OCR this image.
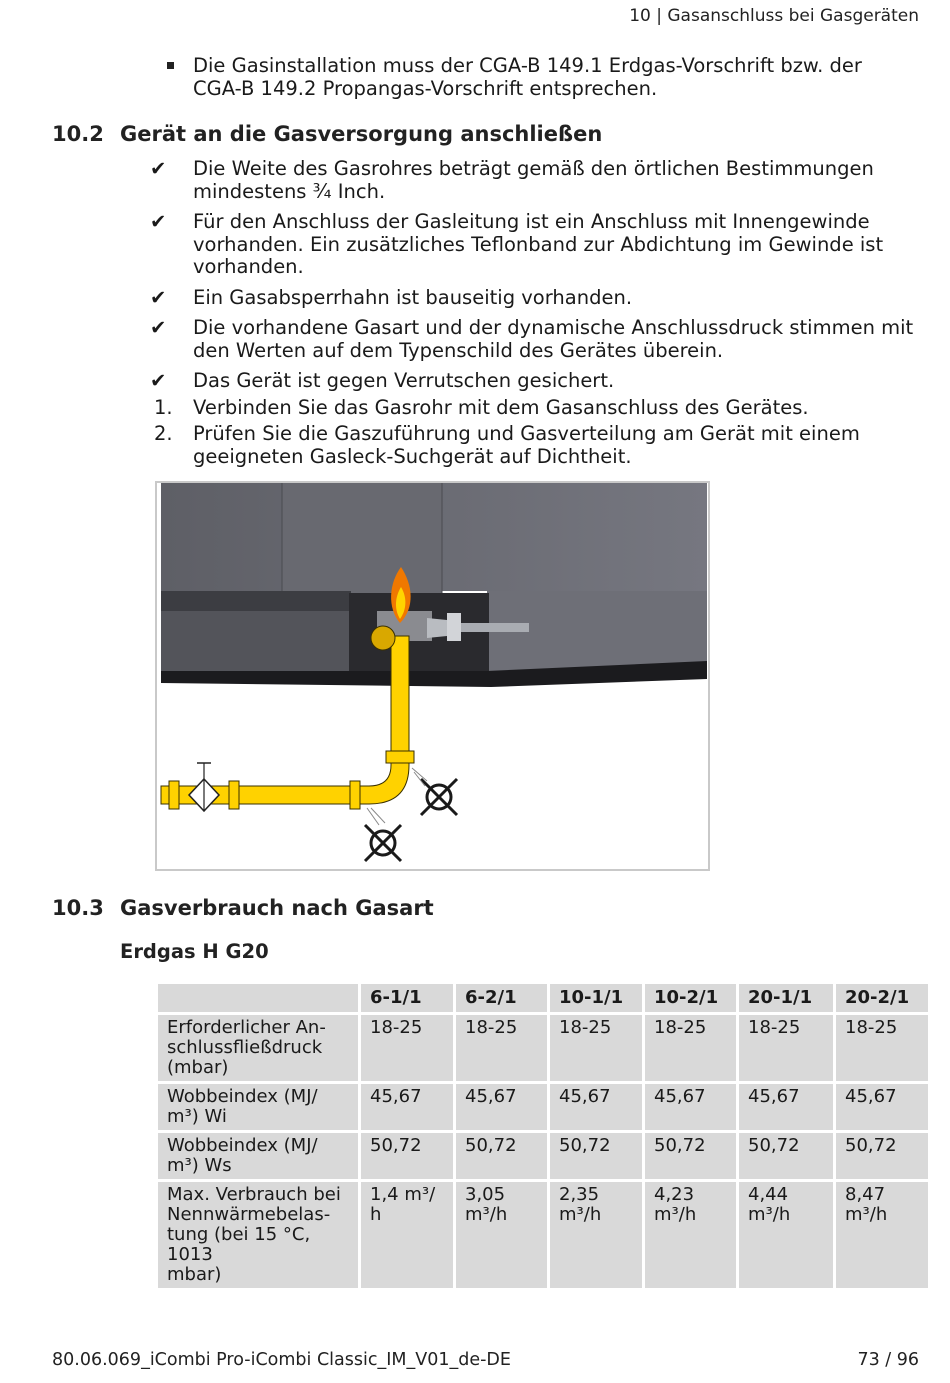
10 | Gasanschluss bei Gasgeräten
Die Gasinstallation muss der CGA-B 149.1 Erdgas-Vorschrift bzw. der CGA-B 149.2 Propangas-Vorschrift entsprechen.
10.2 Gerät an die Gasversorgung anschließen
✔	Die Weite des Gasrohres beträgt gemäß den örtlichen Bestimmungen mindestens ¾ Inch.
✔	Für den Anschluss der Gasleitung ist ein Anschluss mit Innengewinde vorhanden. Ein zusätzliches Teflonband zur Abdichtung im Gewinde ist vorhanden.
✔	Ein Gasabsperrhahn ist bauseitig vorhanden.
✔	Die vorhandene Gasart und der dynamische Anschlussdruck stimmen mit den Werten auf dem Typenschild des Gerätes überein.
✔	Das Gerät ist gegen Verrutschen gesichert.
1.	Verbinden Sie das Gasrohr mit dem Gasanschluss des Gerätes.
2.	Prüfen Sie die Gaszuführung und Gasverteilung am Gerät mit einem geeigneten Gasleck-Suchgerät auf Dichtheit.
10.3 Gasverbrauch nach Gasart
Erdgas H G20
	6-1/1	6-2/1	10-1/1	10-2/1	20-1/1	20-2/1
Erforderlicher An-
schlussfließdruck
(mbar)	18-25	18-25	18-25	18-25	18-25	18-25
Wobbeindex (MJ/
m³) Wi	45,67	45,67	45,67	45,67	45,67	45,67
Wobbeindex (MJ/
m³) Ws	50,72	50,72	50,72	50,72	50,72	50,72
Max. Verbrauch bei
Nennwärmebelas-
tung (bei 15 °C, 1013
mbar)	1,4 m³/ h	3,05 m³/h	2,35 m³/h	4,23 m³/h	4,44 m³/h	8,47 m³/h
80.06.069_iCombi Pro-iCombi Classic_IM_V01_de-DE	73 / 96
